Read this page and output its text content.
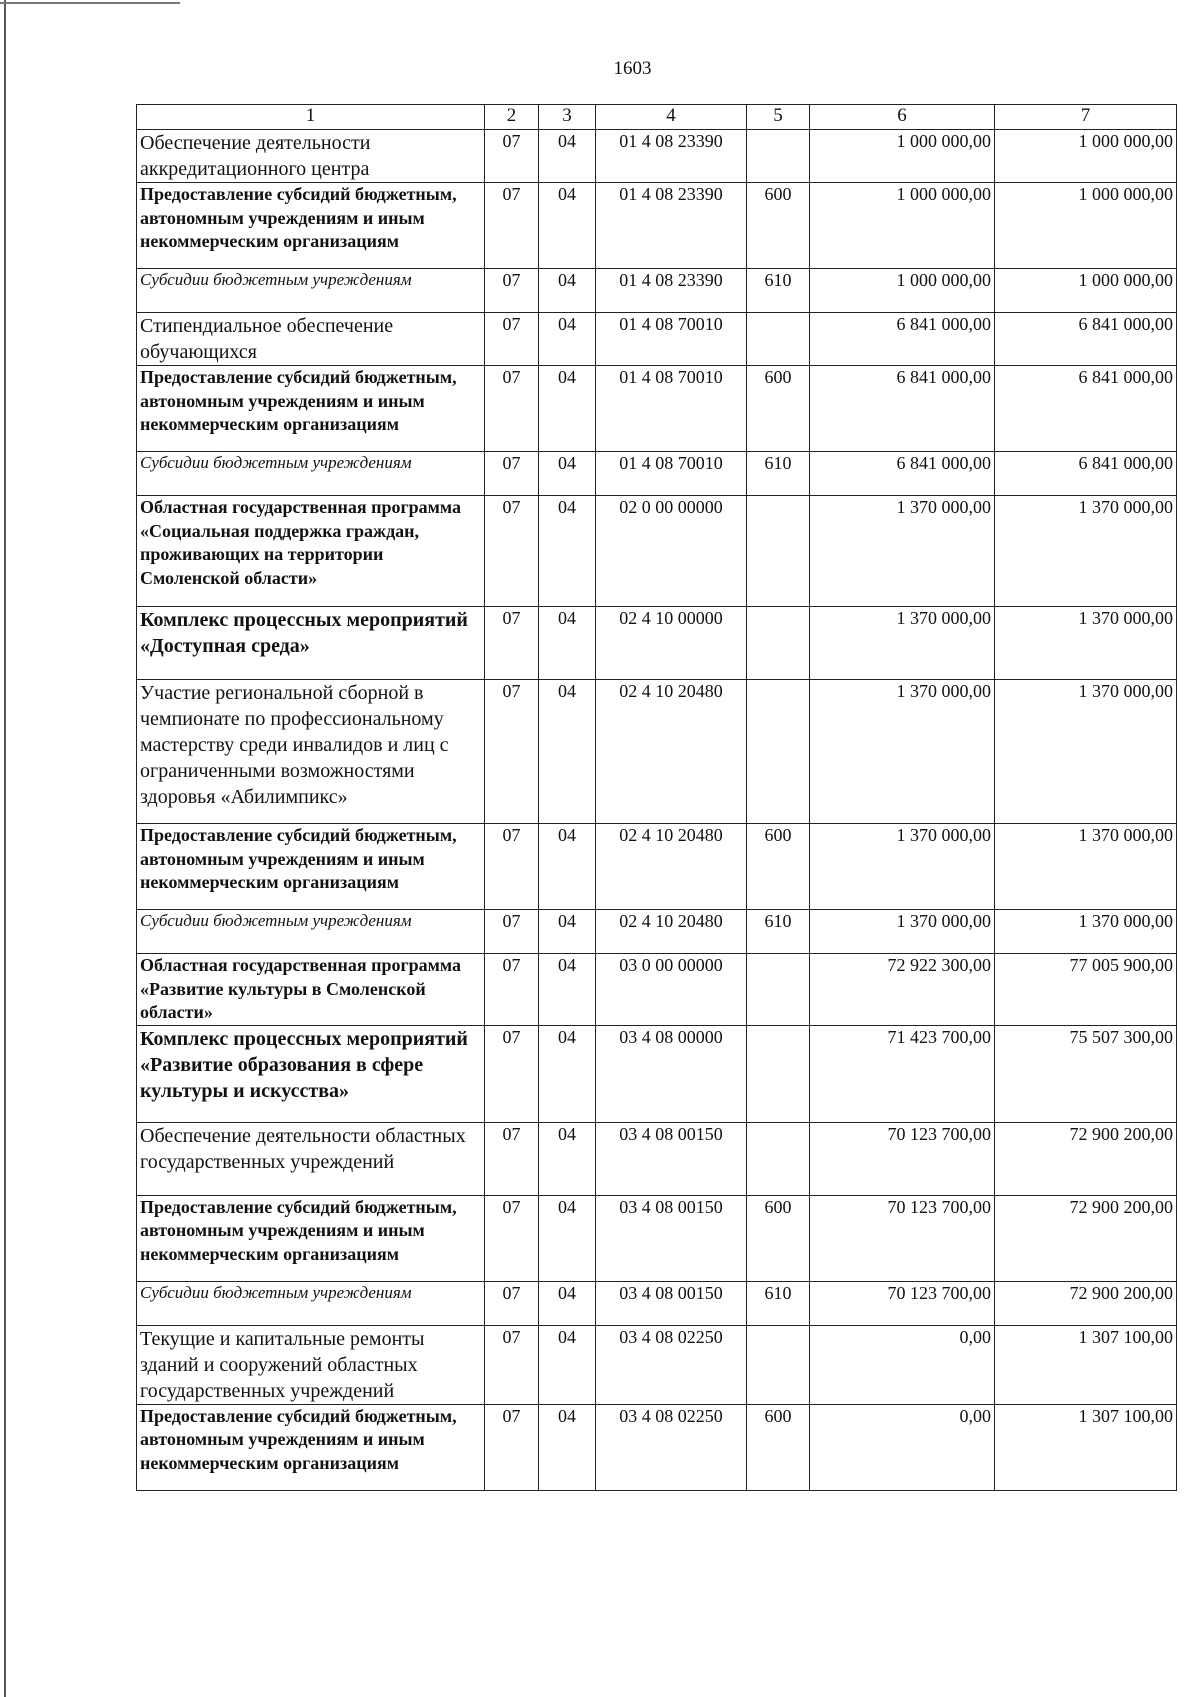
1603
1	2	3	4	5	6	7
Обеспечение деятельности аккредитационного центра	07	04	01 4 08 23390		1 000 000,00	1 000 000,00
Предоставление субсидий бюджетным, автономным учреждениям и иным некоммерческим организациям	07	04	01 4 08 23390	600	1 000 000,00	1 000 000,00
Субсидии бюджетным учреждениям	07	04	01 4 08 23390	610	1 000 000,00	1 000 000,00
Стипендиальное обеспечение обучающихся	07	04	01 4 08 70010		6 841 000,00	6 841 000,00
Предоставление субсидий бюджетным, автономным учреждениям и иным некоммерческим организациям	07	04	01 4 08 70010	600	6 841 000,00	6 841 000,00
Субсидии бюджетным учреждениям	07	04	01 4 08 70010	610	6 841 000,00	6 841 000,00
Областная государственная программа «Социальная поддержка граждан, проживающих на территории Смоленской области»	07	04	02 0 00 00000		1 370 000,00	1 370 000,00
Комплекс процессных мероприятий «Доступная среда»	07	04	02 4 10 00000		1 370 000,00	1 370 000,00
Участие региональной сборной в чемпионате по профессиональному мастерству среди инвалидов и лиц с ограниченными возможностями здоровья «Абилимпикс»	07	04	02 4 10 20480		1 370 000,00	1 370 000,00
Предоставление субсидий бюджетным, автономным учреждениям и иным некоммерческим организациям	07	04	02 4 10 20480	600	1 370 000,00	1 370 000,00
Субсидии бюджетным учреждениям	07	04	02 4 10 20480	610	1 370 000,00	1 370 000,00
Областная государственная программа «Развитие культуры в Смоленской области»	07	04	03 0 00 00000		72 922 300,00	77 005 900,00
Комплекс процессных мероприятий «Развитие образования в сфере культуры и искусства»	07	04	03 4 08 00000		71 423 700,00	75 507 300,00
Обеспечение деятельности областных государственных учреждений	07	04	03 4 08 00150		70 123 700,00	72 900 200,00
Предоставление субсидий бюджетным, автономным учреждениям и иным некоммерческим организациям	07	04	03 4 08 00150	600	70 123 700,00	72 900 200,00
Субсидии бюджетным учреждениям	07	04	03 4 08 00150	610	70 123 700,00	72 900 200,00
Текущие и капитальные ремонты зданий и сооружений областных государственных учреждений	07	04	03 4 08 02250		0,00	1 307 100,00
Предоставление субсидий бюджетным, автономным учреждениям и иным некоммерческим организациям	07	04	03 4 08 02250	600	0,00	1 307 100,00
